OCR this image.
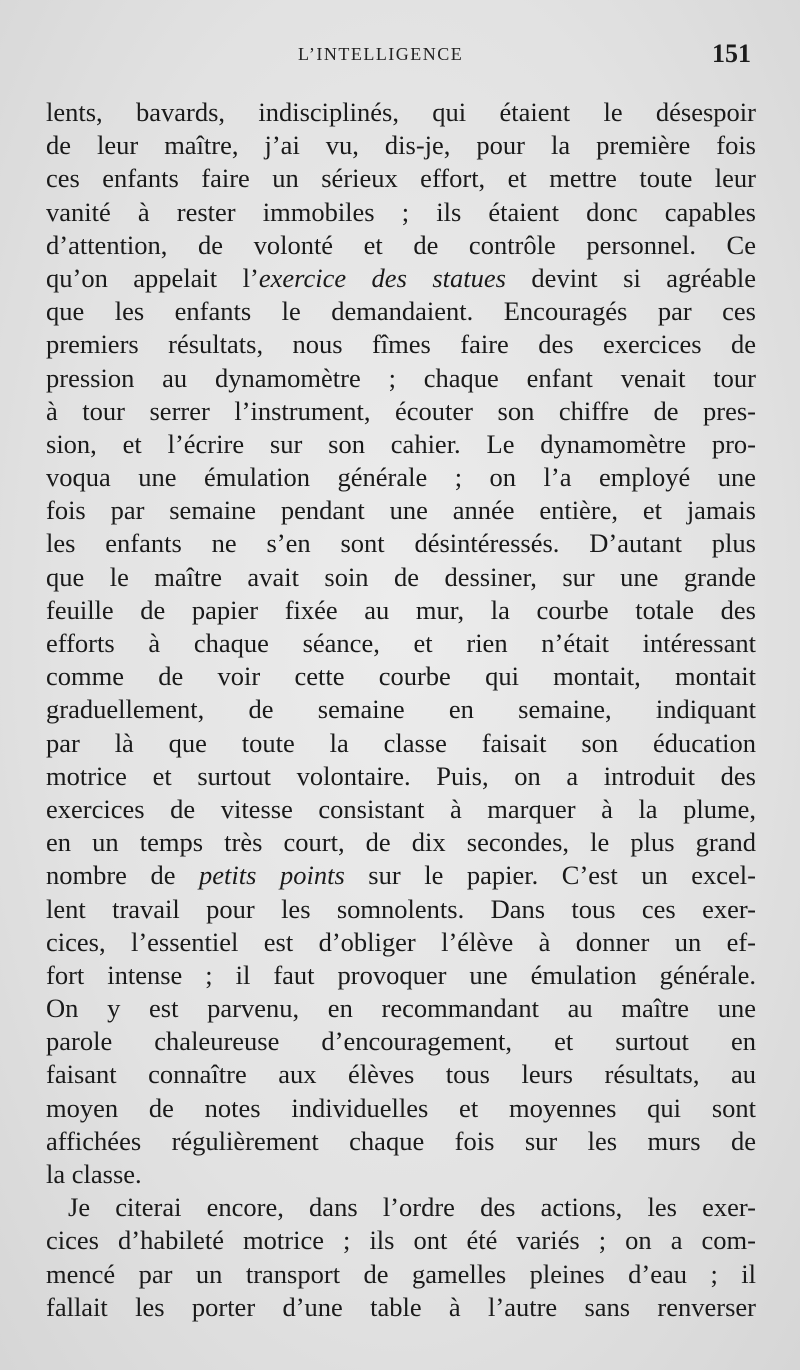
L’INTELLIGENCE	151
lents, bavards, indisciplinés, qui étaient le désespoir
de leur maître, j’ai vu, dis-je, pour la première fois
ces enfants faire un sérieux effort, et mettre toute leur
vanité à rester immobiles ; ils étaient donc capables
d’attention, de volonté et de contrôle personnel. Ce
qu’on appelait l’exercice des statues devint si agréable
que les enfants le demandaient. Encouragés par ces
premiers résultats, nous fîmes faire des exercices de
pression au dynamomètre ; chaque enfant venait tour
à tour serrer l’instrument, écouter son chiffre de pres-
sion, et l’écrire sur son cahier. Le dynamomètre pro-
voqua une émulation générale ; on l’a employé une
fois par semaine pendant une année entière, et jamais
les enfants ne s’en sont désintéressés. D’autant plus
que le maître avait soin de dessiner, sur une grande
feuille de papier fixée au mur, la courbe totale des
efforts à chaque séance, et rien n’était intéressant
comme de voir cette courbe qui montait, montait
graduellement, de semaine en semaine, indiquant
par là que toute la classe faisait son éducation
motrice et surtout volontaire. Puis, on a introduit des
exercices de vitesse consistant à marquer à la plume,
en un temps très court, de dix secondes, le plus grand
nombre de petits points sur le papier. C’est un excel-
lent travail pour les somnolents. Dans tous ces exer-
cices, l’essentiel est d’obliger l’élève à donner un ef-
fort intense ; il faut provoquer une émulation générale.
On y est parvenu, en recommandant au maître une
parole chaleureuse d’encouragement, et surtout en
faisant connaître aux élèves tous leurs résultats, au
moyen de notes individuelles et moyennes qui sont
affichées régulièrement chaque fois sur les murs de
la classe.
Je citerai encore, dans l’ordre des actions, les exer-
cices d’habileté motrice ; ils ont été variés ; on a com-
mencé par un transport de gamelles pleines d’eau ; il
fallait les porter d’une table à l’autre sans renverser
